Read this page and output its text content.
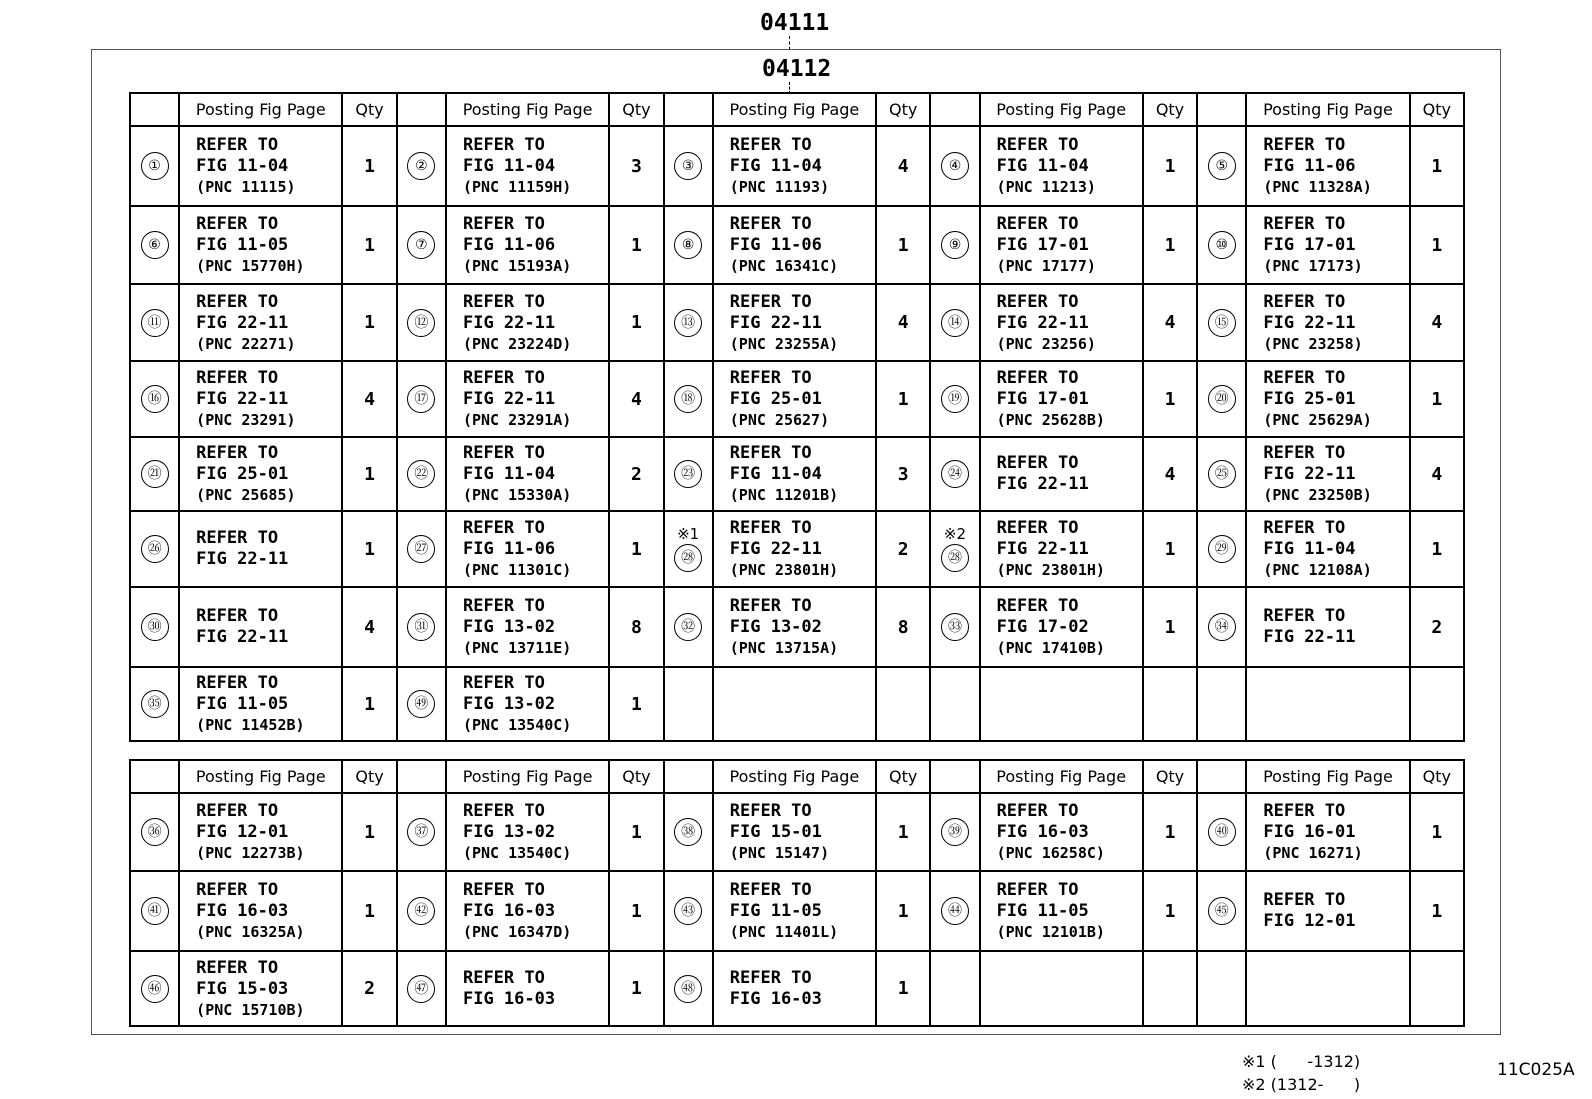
04111
04112
	Posting Fig Page	Qty		Posting Fig Page	Qty		Posting Fig Page	Qty		Posting Fig Page	Qty		Posting Fig Page	Qty
①	REFER TO
FIG 11-04
(PNC 11115)	1	②	REFER TO
FIG 11-04
(PNC 11159H)	3	③	REFER TO
FIG 11-04
(PNC 11193)	4	④	REFER TO
FIG 11-04
(PNC 11213)	1	⑤	REFER TO
FIG 11-06
(PNC 11328A)	1
⑥	REFER TO
FIG 11-05
(PNC 15770H)	1	⑦	REFER TO
FIG 11-06
(PNC 15193A)	1	⑧	REFER TO
FIG 11-06
(PNC 16341C)	1	⑨	REFER TO
FIG 17-01
(PNC 17177)	1	⑩	REFER TO
FIG 17-01
(PNC 17173)	1
⑪	REFER TO
FIG 22-11
(PNC 22271)	1	⑫	REFER TO
FIG 22-11
(PNC 23224D)	1	⑬	REFER TO
FIG 22-11
(PNC 23255A)	4	⑭	REFER TO
FIG 22-11
(PNC 23256)	4	⑮	REFER TO
FIG 22-11
(PNC 23258)	4
⑯	REFER TO
FIG 22-11
(PNC 23291)	4	⑰	REFER TO
FIG 22-11
(PNC 23291A)	4	⑱	REFER TO
FIG 25-01
(PNC 25627)	1	⑲	REFER TO
FIG 17-01
(PNC 25628B)	1	⑳	REFER TO
FIG 25-01
(PNC 25629A)	1
㉑	REFER TO
FIG 25-01
(PNC 25685)	1	㉒	REFER TO
FIG 11-04
(PNC 15330A)	2	㉓	REFER TO
FIG 11-04
(PNC 11201B)	3	㉔	REFER TO
FIG 22-11	4	㉕	REFER TO
FIG 22-11
(PNC 23250B)	4
㉖	REFER TO
FIG 22-11	1	㉗	REFER TO
FIG 11-06
(PNC 11301C)	1	※1
㉘	REFER TO
FIG 22-11
(PNC 23801H)	2	※2
㉘	REFER TO
FIG 22-11
(PNC 23801H)	1	㉙	REFER TO
FIG 11-04
(PNC 12108A)	1
㉚	REFER TO
FIG 22-11	4	㉛	REFER TO
FIG 13-02
(PNC 13711E)	8	㉜	REFER TO
FIG 13-02
(PNC 13715A)	8	㉝	REFER TO
FIG 17-02
(PNC 17410B)	1	㉞	REFER TO
FIG 22-11	2
㉟	REFER TO
FIG 11-05
(PNC 11452B)	1	㊾	REFER TO
FIG 13-02
(PNC 13540C)	1									
	Posting Fig Page	Qty		Posting Fig Page	Qty		Posting Fig Page	Qty		Posting Fig Page	Qty		Posting Fig Page	Qty
㊱	REFER TO
FIG 12-01
(PNC 12273B)	1	㊲	REFER TO
FIG 13-02
(PNC 13540C)	1	㊳	REFER TO
FIG 15-01
(PNC 15147)	1	㊴	REFER TO
FIG 16-03
(PNC 16258C)	1	㊵	REFER TO
FIG 16-01
(PNC 16271)	1
㊶	REFER TO
FIG 16-03
(PNC 16325A)	1	㊷	REFER TO
FIG 16-03
(PNC 16347D)	1	㊸	REFER TO
FIG 11-05
(PNC 11401L)	1	㊹	REFER TO
FIG 11-05
(PNC 12101B)	1	㊺	REFER TO
FIG 12-01	1
㊻	REFER TO
FIG 15-03
(PNC 15710B)	2	㊼	REFER TO
FIG 16-03	1	㊽	REFER TO
FIG 16-03	1						
※1 (      -1312)
※2 (1312-      )
11C025A
